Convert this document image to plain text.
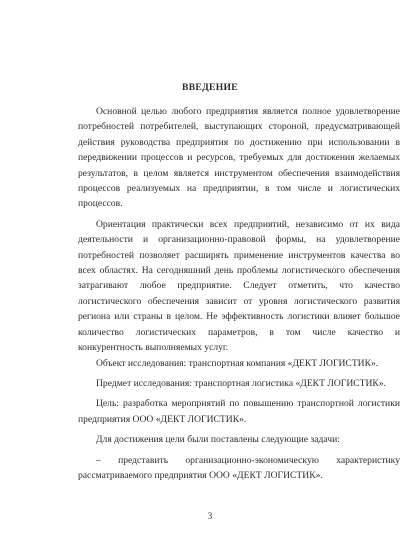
ВВЕДЕНИЕ

Основной целью любого предприятия является полное удовлетворение потребностей потребителей, выступающих стороной, предусматривающей действия руководства предприятия по достижению при использовании в передвижении процессов и ресурсов, требуемых для достижения желаемых результатов, в целом является инструментом обеспечения взаимодействия процессов реализуемых на предприятии, в том числе и логистических процессов.

Ориентация практически всех предприятий, независимо от их вида деятельности и организационно-правовой формы, на удовлетворение потребностей позволяет расширять применение инструментов качества во всех областях. На сегодняшний день проблемы логистического обеспечения затрагивают любое предприятие. Следует отметить, что качество логистического обеспечения зависит от уровня логистического развития региона или страны в целом. Не эффективность логистики влияет большое количество логистических параметров, в том числе качество и конкурентность выполняемых услуг.

Объект исследования: транспортная компания «ДЕКТ ЛОГИСТИК».

Предмет исследования: транспортная логистика «ДЕКТ ЛОГИСТИК».

Цель: разработка мероприятий по повышению транспортной логистики предприятия ООО «ДЕКТ ЛОГИСТИК».

Для достижения цели были поставлены следующие задачи:

– представить организационно-экономическую характеристику рассматриваемого предприятия ООО «ДЕКТ ЛОГИСТИК».

3
